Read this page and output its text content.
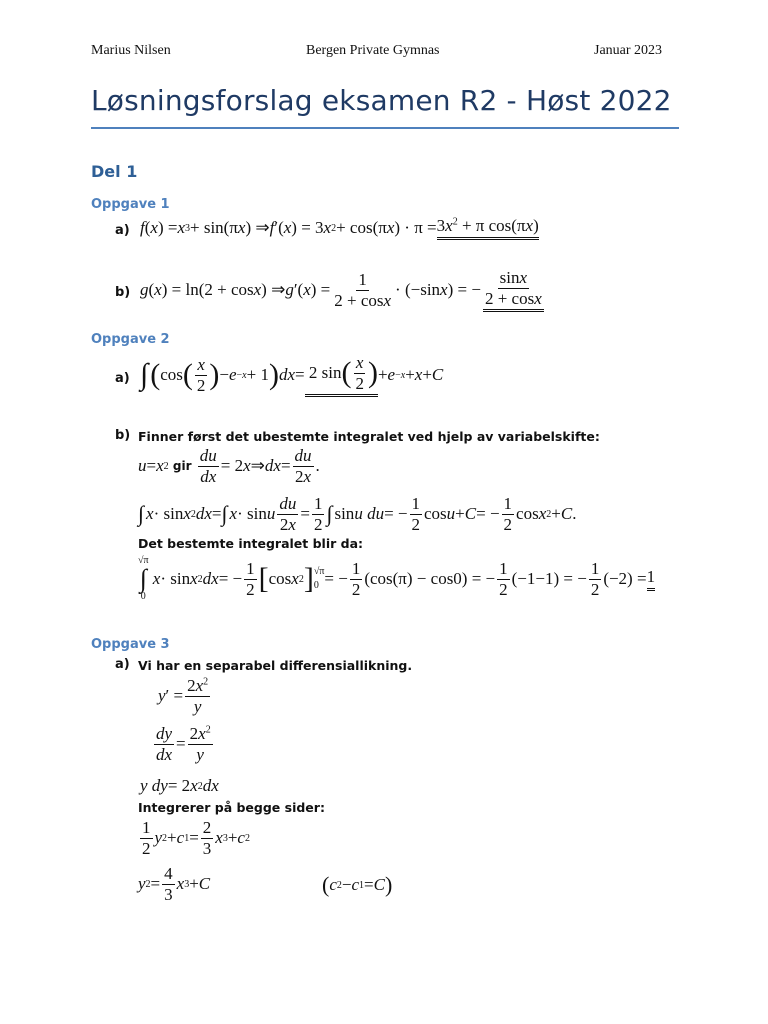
Marius Nilsen	Bergen Private Gymnas	Januar 2023
Løsningsforslag eksamen R2 - Høst 2022
Del 1
Oppgave 1
a) f ( x ) = x 3 + sin(π x ) ⇒ f ′( x ) = 3 x 2 + cos(π x ) · $\pi = 3x^2 + \pi$ cos(πx)
b) g ( x ) = ln(2 + cos x ) ⇒ g ′( x ) =
1
2 + cosx
· (−sin x ) = −
sinx
2 + cosx
Oppgave 2
a) ∫ ( cos ( x
2 ) − e −x + 1 ) dx = 2 sin ( x
2 ) + e −x + x + C
b) Finner først det ubestemte integralet ved hjelp av variabelskifte:
u = x 2
gir

du
dx
= 2 x ⇒ dx =
du
2x
.
∫ x · sin x 2 dx = ∫ x · sin u
du
2x
=
1
2 ∫ sin u du = −
1
2
cos u + C = −
1
2
cos x 2 + C .
Det bestemte integralet blir da:
√π
∫
0

x · sin x 2 dx = −
1
2 [ cos x 2 ] √π
0 = −
1
2
(cos(π) − cos0) = −
1
2
(−1−1) = −
1
2
(−2) = 1
Oppgave 3
a) Vi har en separabel differensiallikning.
y ′ =
$2x^2$
y
dy
dx
=
$2x^2$
y
y
dy = 2 x 2 dx
Integrerer på begge sider:
1
2
y 2 + c 1 =
2
3
x 3 + c 2
y 2 =
4
3
x 3 + C	( c 2 − c 1 = C )
